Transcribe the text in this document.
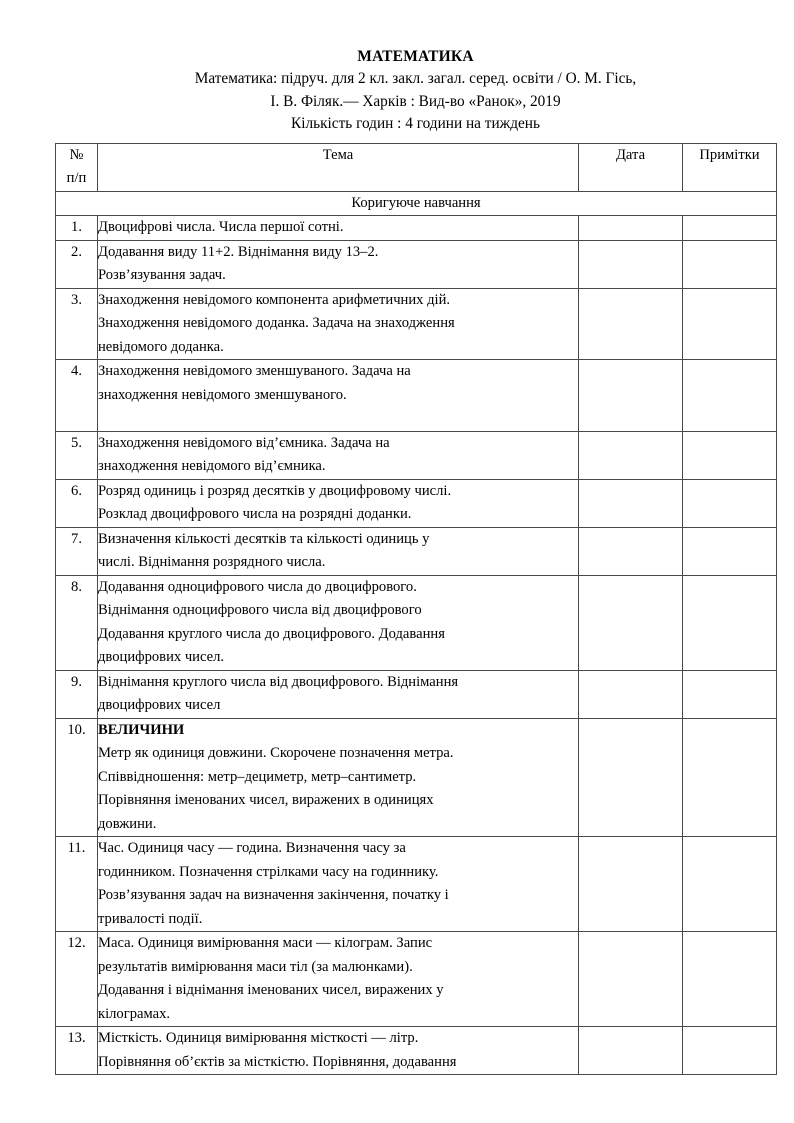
МАТЕМАТИКА
Математика: підруч. для 2 кл. закл. загал. серед. освіти / О. М. Гісь,
І. В. Філяк.— Харків : Вид-во «Ранок», 2019
Кількість годин : 4 години на тиждень
№
п/п	Тема	Дата	Примітки
Коригуюче навчання			
1.	Двоцифрові числа. Числа першої сотні.		

2.	Додавання виду 11+2. Віднімання виду 13–2.
Розв’язування задач.		

3.	Знаходження невідомого компонента арифметичних дій.
Знаходження невідомого доданка. Задача на знаходження
невідомого доданка.		

4.	Знаходження невідомого зменшуваного. Задача на
знаходження невідомого зменшуваного.		

5.	Знаходження невідомого від’ємника. Задача на
знаходження невідомого від’ємника.		

6.	Розряд одиниць і розряд десятків у двоцифровому числі.
Розклад двоцифрового числа на розрядні доданки.		

7.	Визначення кількості десятків та кількості одиниць у
числі. Віднімання розрядного числа.		

8.	Додавання одноцифрового числа до двоцифрового.
Віднімання одноцифрового числа від двоцифрового
Додавання круглого числа до двоцифрового. Додавання
двоцифрових чисел.		

9.	Віднімання круглого числа від двоцифрового. Віднімання
двоцифрових чисел		

10.	ВЕЛИЧИНИ
Метр як одиниця довжини. Скорочене позначення метра.
Співвідношення: метр–дециметр, метр–сантиметр.
Порівняння іменованих чисел, виражених в одиницях
довжини.		

11.	Час. Одиниця часу — година. Визначення часу за
годинником. Позначення стрілками часу на годиннику.
Розв’язування задач на визначення закінчення, початку і
тривалості події.		

12.	Маса. Одиниця вимірювання маси — кілограм. Запис
результатів вимірювання маси тіл (за малюнками).
Додавання і віднімання іменованих чисел, виражених у
кілограмах.		

13.	Місткість. Одиниця вимірювання місткості — літр.
Порівняння об’єктів за місткістю. Порівняння, додавання		
